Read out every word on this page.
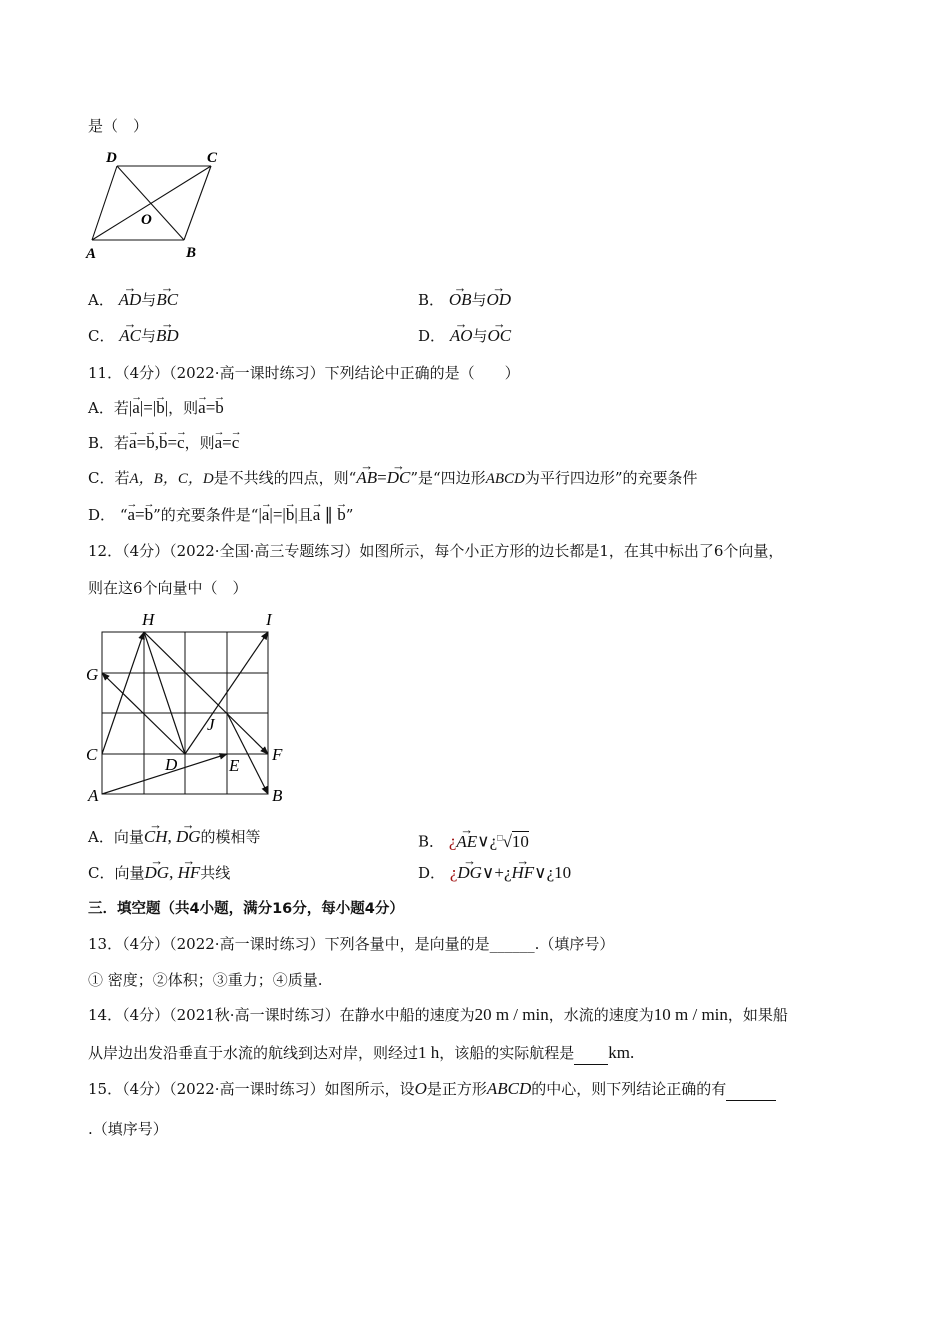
是（　）
D	C
O
A	B
A． → AD与→ BC	B． → OB与→ OD
C． → AC与→ BD	D． → AO与→ OC
11．（4分）（2022·高一课时练习）下列结论中正确的是（　　）
A．若|→ a|=|→ b|，则→ a=→ b
B．若→ a=→ b,→ b=→ c，则→ a=→ c
C．若A，B，C，D是不共线的四点，则“→ AB=→ DC”是“四边形ABCD为平行四边形”的充要条件
D． “→ a=→ b”的充要条件是“|→ a|=|→ b|且→ a ∥ → b”
12．（4分）（2022·全国·高三专题练习）如图所示，每个小正方形的边长都是1，在其中标出了6个向量，
则在这6个向量中（　）
H	I
G
C
J
D	E
F
A	B
A．向量→ CH, → DG的模相等	B． ¿→ AE∨¿□√10
C．向量→ DG, → HF共线	D． ¿→ DG∨+¿→ HF∨¿10
三．填空题（共4小题，满分16分，每小题4分）
13．（4分）（2022·高一课时练习）下列各量中，是向量的是______.（填序号）
① 密度；②体积；③重力；④质量.
14．（4分）（2021秋·高一课时练习）在静水中船的速度为20 m / min，水流的速度为10 m / min，如果船
从岸边出发沿垂直于水流的航线到达对岸，则经过1 h，该船的实际航程是 km.
15．（4分）（2022·高一课时练习）如图所示，设O是正方形ABCD的中心，则下列结论正确的有
.（填序号）
